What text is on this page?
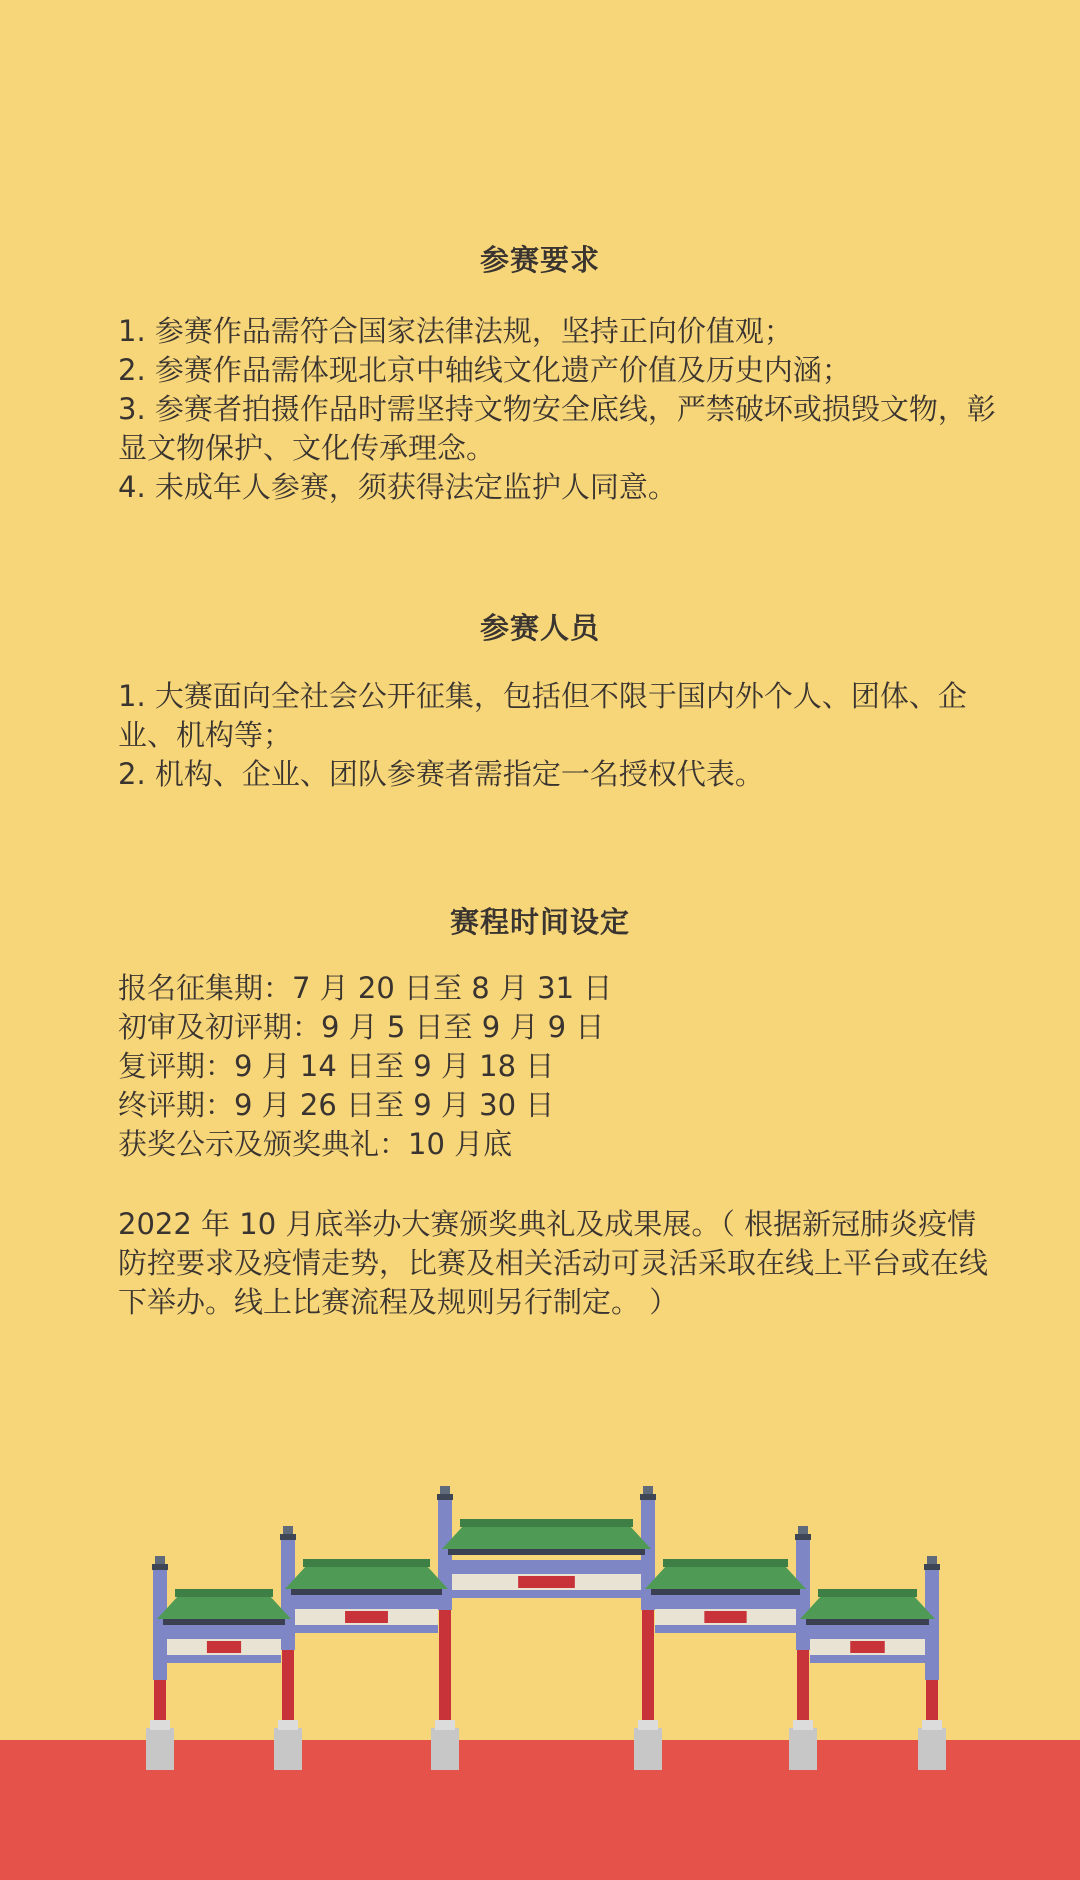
参赛要求

1. 参赛作品需符合国家法律法规，坚持正向价值观；

2. 参赛作品需体现北京中轴线文化遗产价值及历史内涵；

3. 参赛者拍摄作品时需坚持文物安全底线，严禁破坏或损毁文物，彰显文物保护、文化传承理念。

4. 未成年人参赛，须获得法定监护人同意。

参赛人员

1. 大赛面向全社会公开征集，包括但不限于国内外个人、团体、企业、机构等；

2. 机构、企业、团队参赛者需指定一名授权代表。

赛程时间设定

报名征集期：7 月 20 日至 8 月 31 日

初审及初评期：9 月 5 日至 9 月 9 日

复评期：9 月 14 日至 9 月 18 日

终评期：9 月 26 日至 9 月 30 日

获奖公示及颁奖典礼：10 月底

2022 年 10 月底举办大赛颁奖典礼及成果展。（ 根据新冠肺炎疫情防控要求及疫情走势，比赛及相关活动可灵活采取在线上平台或在线下举办。线上比赛流程及规则另行制定。 ）
